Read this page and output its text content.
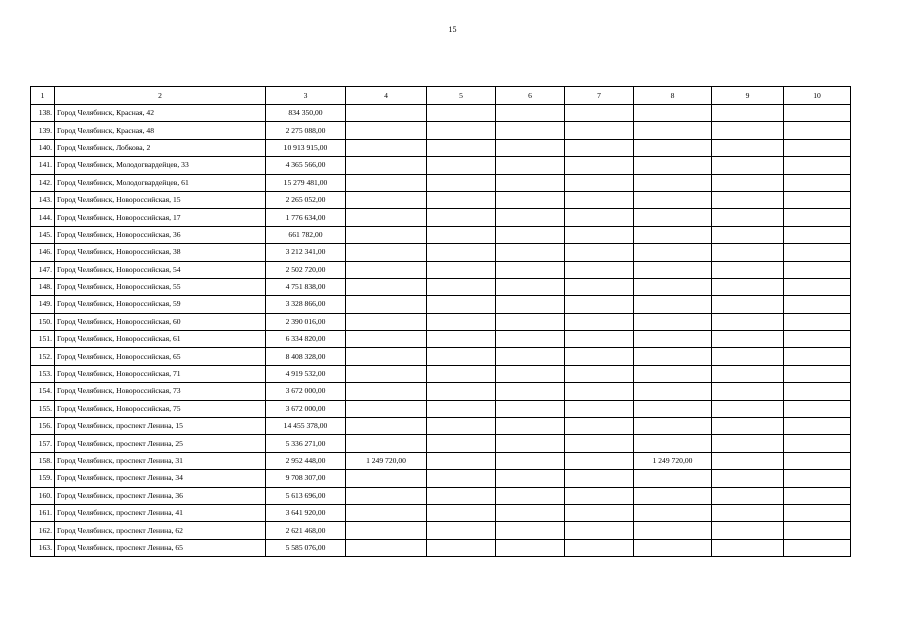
15
1	2	3	4	5	6	7	8	9	10
138.	Город Челябинск, Красная, 42	834 350,00							
139.	Город Челябинск, Красная, 48	2 275 088,00							
140.	Город Челябинск, Лобкова, 2	10 913 915,00							
141.	Город Челябинск, Молодогвардейцев, 33	4 365 566,00							
142.	Город Челябинск, Молодогвардейцев, 61	15 279 481,00							
143.	Город Челябинск, Новороссийская, 15	2 265 052,00							
144.	Город Челябинск, Новороссийская, 17	1 776 634,00							
145.	Город Челябинск, Новороссийская, 36	661 782,00							
146.	Город Челябинск, Новороссийская, 38	3 212 341,00							
147.	Город Челябинск, Новороссийская, 54	2 502 720,00							
148.	Город Челябинск, Новороссийская, 55	4 751 838,00							
149.	Город Челябинск, Новороссийская, 59	3 328 866,00							
150.	Город Челябинск, Новороссийская, 60	2 390 016,00							
151.	Город Челябинск, Новороссийская, 61	6 334 820,00							
152.	Город Челябинск, Новороссийская, 65	8 408 328,00							
153.	Город Челябинск, Новороссийская, 71	4 919 532,00							
154.	Город Челябинск, Новороссийская, 73	3 672 000,00							
155.	Город Челябинск, Новороссийская, 75	3 672 000,00							
156.	Город Челябинск, проспект Ленина, 15	14 455 378,00							
157.	Город Челябинск, проспект Ленина, 25	5 336 271,00							
158.	Город Челябинск, проспект Ленина, 31	2 952 448,00	1 249 720,00				1 249 720,00		
159.	Город Челябинск, проспект Ленина, 34	9 708 307,00							
160.	Город Челябинск, проспект Ленина, 36	5 613 696,00							
161.	Город Челябинск, проспект Ленина, 41	3 641 920,00							
162.	Город Челябинск, проспект Ленина, 62	2 621 468,00							
163.	Город Челябинск, проспект Ленина, 65	5 585 076,00							
